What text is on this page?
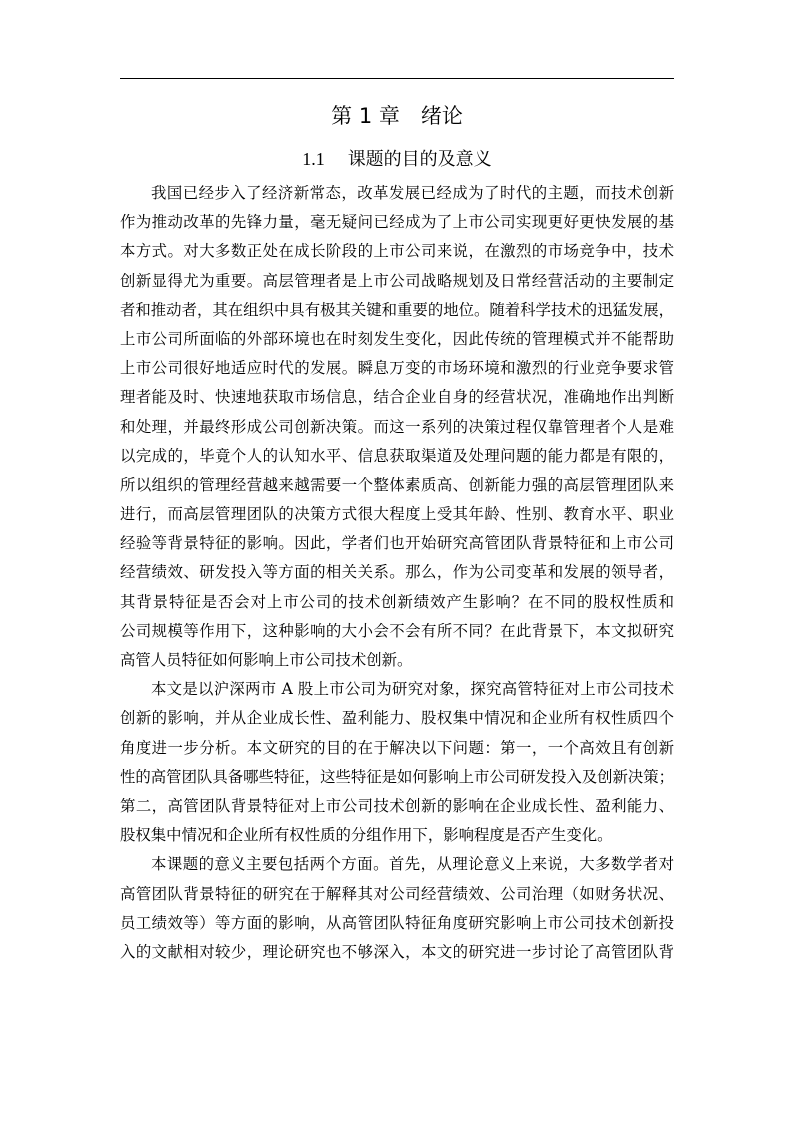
第 1 章　绪论
1.1 课题的目的及意义
我国已经步入了经济新常态，改革发展已经成为了时代的主题，而技术创新
作为推动改革的先锋力量，毫无疑问已经成为了上市公司实现更好更快发展的基
本方式。对大多数正处在成长阶段的上市公司来说，在激烈的市场竞争中，技术
创新显得尤为重要。高层管理者是上市公司战略规划及日常经营活动的主要制定
者和推动者，其在组织中具有极其关键和重要的地位。随着科学技术的迅猛发展，
上市公司所面临的外部环境也在时刻发生变化，因此传统的管理模式并不能帮助
上市公司很好地适应时代的发展。瞬息万变的市场环境和激烈的行业竞争要求管
理者能及时、快速地获取市场信息，结合企业自身的经营状况，准确地作出判断
和处理，并最终形成公司创新决策。而这一系列的决策过程仅靠管理者个人是难
以完成的，毕竟个人的认知水平、信息获取渠道及处理问题的能力都是有限的，
所以组织的管理经营越来越需要一个整体素质高、创新能力强的高层管理团队来
进行，而高层管理团队的决策方式很大程度上受其年龄、性别、教育水平、职业
经验等背景特征的影响。因此，学者们也开始研究高管团队背景特征和上市公司
经营绩效、研发投入等方面的相关关系。那么，作为公司变革和发展的领导者，
其背景特征是否会对上市公司的技术创新绩效产生影响？在不同的股权性质和
公司规模等作用下，这种影响的大小会不会有所不同？在此背景下，本文拟研究
高管人员特征如何影响上市公司技术创新。
本文是以沪深两市 A 股上市公司为研究对象，探究高管特征对上市公司技术
创新的影响，并从企业成长性、盈利能力、股权集中情况和企业所有权性质四个
角度进一步分析。本文研究的目的在于解决以下问题：第一，一个高效且有创新
性的高管团队具备哪些特征，这些特征是如何影响上市公司研发投入及创新决策；
第二，高管团队背景特征对上市公司技术创新的影响在企业成长性、盈利能力、
股权集中情况和企业所有权性质的分组作用下，影响程度是否产生变化。
本课题的意义主要包括两个方面。首先，从理论意义上来说，大多数学者对
高管团队背景特征的研究在于解释其对公司经营绩效、公司治理（如财务状况、
员工绩效等）等方面的影响，从高管团队特征角度研究影响上市公司技术创新投
入的文献相对较少，理论研究也不够深入，本文的研究进一步讨论了高管团队背
